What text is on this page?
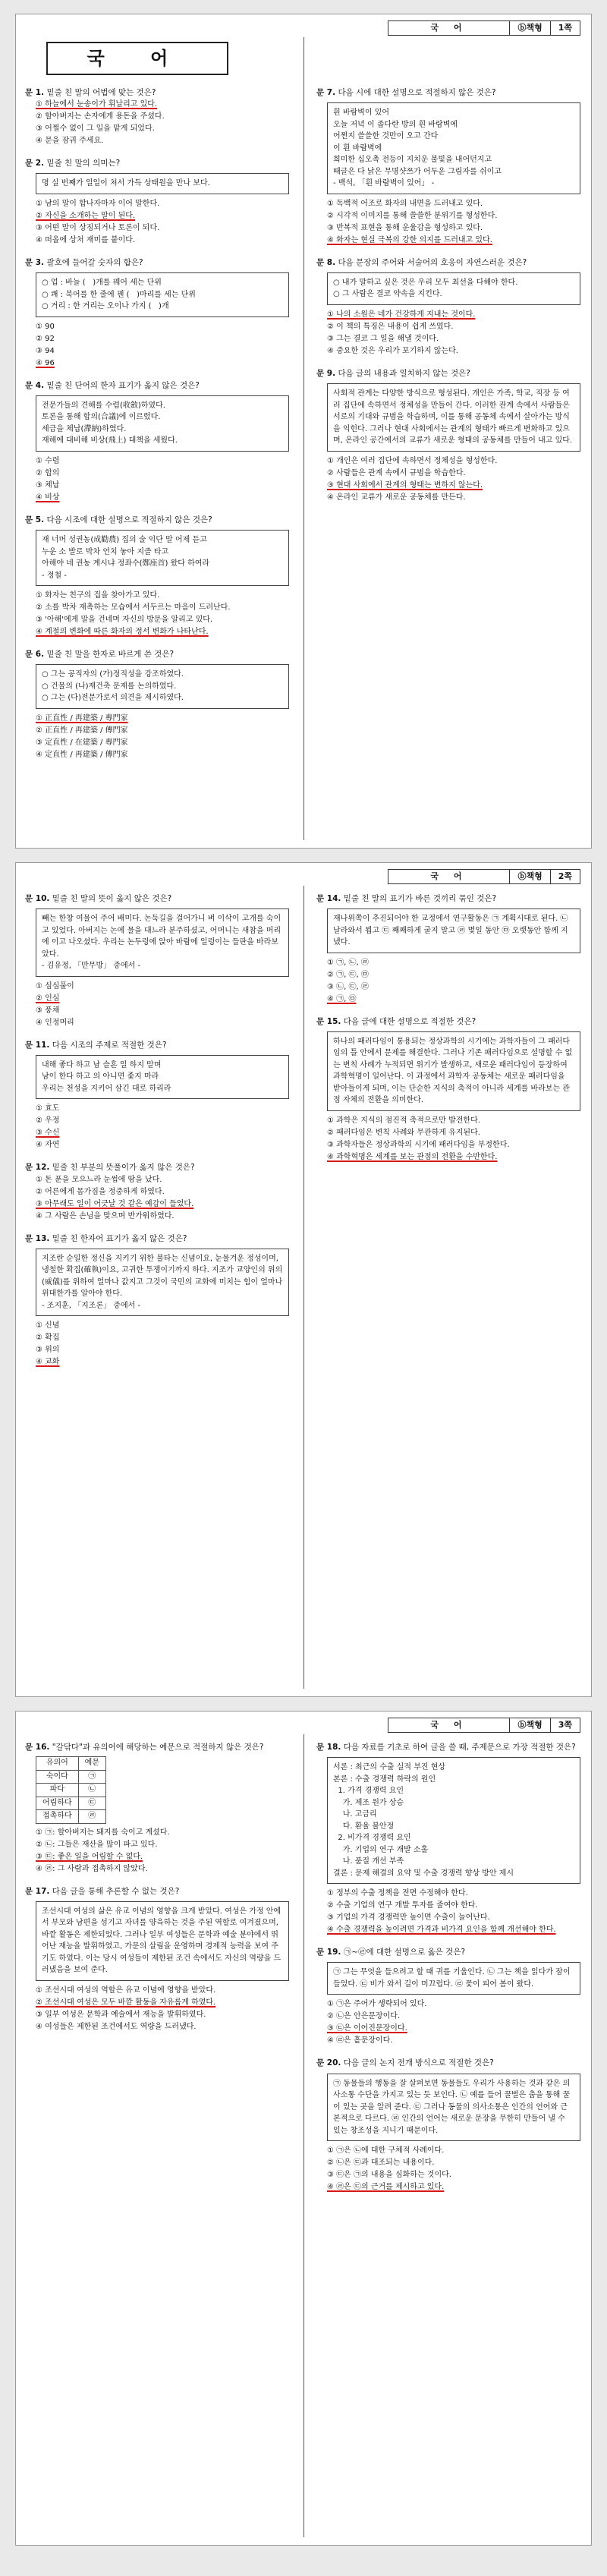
국 어	ⓑ책형	1쪽
국 어
문 1. 밑줄 친 말의 어법에 맞는 것은?
① 하늘에서 눈송이가 휘날리고 있다.
② 할아버지는 손자에게 용돈을 주셨다.
③ 어쩔수 없이 그 일을 맡게 되었다.
④ 문을 잠궈 주세요.
문 2. 밑줄 친 말의 의미는?
명 실 번째가 일일이 쳐서 가득 상태원을 만나 보다.
① 남의 말이 합나자마자 이어 말한다.
② 자신을 소개하는 말이 된다.
③ 어떤 말이 상징되거나 토론이 되다.
④ 떠올에 상처 재미를 붙이다.
문 3. 괄호에 들어갈 숫자의 합은?
○ 업 : 바늘 (   )개를 꿰어 세는 단위
○ 쾌 : 북어를 한 줄에 꿴 (   )마리를 세는 단위
○ 거리 : 한 거리는 오이나 가지 (   )개
① 90
② 92
③ 94
④ 96
문 4. 밑줄 친 단어의 한자 표기가 옳지 않은 것은?
전문가들의 견해를 수렴(收斂)하였다.
토론을 통해 합의(合議)에 이르렀다.
세금을 체납(滯納)하였다.
재해에 대비해 비상(飛上) 대책을 세웠다.
① 수렴
② 합의
③ 체납
④ 비상
문 5. 다음 시조에 대한 설명으로 적절하지 않은 것은?
재 너머 성권농(成勸農) 집의 술 익단 말 어제 듣고
누운 소 발로 박차 언치 놓아 지즐 타고
아해야 네 권농 계시냐 정좌수(鄭座首) 왔다 하여라
- 정철 -
① 화자는 친구의 집을 찾아가고 있다.
② 소를 박차 재촉하는 모습에서 서두르는 마음이 드러난다.
③ '아해'에게 말을 건네며 자신의 방문을 알리고 있다.
④ 계절의 변화에 따른 화자의 정서 변화가 나타난다.
문 6. 밑줄 친 말을 한자로 바르게 쓴 것은?
○ 그는 공직자의 (가)정직성을 강조하였다.
○ 건물의 (나)재건축 문제를 논의하였다.
○ 그는 (다)전문가로서 의견을 제시하였다.
① 正直性 / 再建築 / 專門家
② 正直性 / 再建築 / 傳門家
③ 定直性 / 在建築 / 專門家
④ 定直性 / 再建築 / 傳門家
문 7. 다음 시에 대한 설명으로 적절하지 않은 것은?
흰 바람벽이 있어
오늘 저녁 이 좁다란 방의 흰 바람벽에
어쩐지 쓸쓸한 것만이 오고 간다
이 흰 바람벽에
희미한 십오촉 전등이 지치운 불빛을 내어던지고
때글은 다 낡은 무명샷쯔가 어두운 그림자를 쉬이고
- 백석, 「흰 바람벽이 있어」 -
① 독백적 어조로 화자의 내면을 드러내고 있다.
② 시각적 이미지를 통해 쓸쓸한 분위기를 형성한다.
③ 반복적 표현을 통해 운율감을 형성하고 있다.
④ 화자는 현실 극복의 강한 의지를 드러내고 있다.
문 8. 다음 문장의 주어와 서술어의 호응이 자연스러운 것은?
○ 내가 말하고 싶은 것은 우리 모두 최선을 다해야 한다.
○ 그 사람은 결코 약속을 지킨다.
① 나의 소원은 네가 건강하게 지내는 것이다.
② 이 책의 특징은 내용이 쉽게 쓰였다.
③ 그는 결코 그 일을 해낼 것이다.
④ 중요한 것은 우리가 포기하지 않는다.
문 9. 다음 글의 내용과 일치하지 않는 것은?
사회적 관계는 다양한 방식으로 형성된다. 개인은 가족, 학교, 직장 등 여러 집단에 속하면서 정체성을 만들어 간다. 이러한 관계 속에서 사람들은 서로의 기대와 규범을 학습하며, 이를 통해 공동체 속에서 살아가는 방식을 익힌다. 그러나 현대 사회에서는 관계의 형태가 빠르게 변화하고 있으며, 온라인 공간에서의 교류가 새로운 형태의 공동체를 만들어 내고 있다.
① 개인은 여러 집단에 속하면서 정체성을 형성한다.
② 사람들은 관계 속에서 규범을 학습한다.
③ 현대 사회에서 관계의 형태는 변하지 않는다.
④ 온라인 교류가 새로운 공동체를 만든다.
국 어	ⓑ책형	2쪽
문 10. 밑줄 친 말의 뜻이 옳지 않은 것은?
빼는 한창 여물어 주어 배미다. 논둑길을 걸어가니 벼 이삭이 고개를 숙이고 있었다. 아버지는 논에 물을 대느라 분주하셨고, 어머니는 새참을 머리에 이고 나오셨다. 우리는 논두렁에 앉아 바람에 일렁이는 들판을 바라보았다.
- 김유정, 「만무방」 중에서 -
① 심심풀이
② 인심
③ 풍채
④ 인정머리
문 11. 다음 시조의 주제로 적절한 것은?
내해 좋다 하고 남 슬흔 일 하지 말며
남이 한다 하고 의 아니면 좇지 마라
우리는 천성을 지키어 삼긴 대로 하리라
① 효도
② 우정
③ 수신
④ 자연
문 12. 밑줄 친 부분의 뜻풀이가 옳지 않은 것은?
① 돈 푼을 모으느라 눈썹에 땀을 났다.
② 어른에게 몸가짐을 정중하게 하였다.
③ 아무래도 일이 어긋날 것 같은 예감이 들었다.
④ 그 사람은 손님을 맞으며 반가워하였다.
문 13. 밑줄 친 한자어 표기가 옳지 않은 것은?
지조란 순일한 정신을 지키기 위한 불타는 신념이요, 눈물겨운 정성이며, 냉철한 확집(確執)이요, 고귀한 투쟁이기까지 하다. 지조가 교양인의 위의(威儀)를 위하여 얼마나 값지고 그것이 국민의 교화에 미치는 힘이 얼마나 위대한가를 알아야 한다.
- 조지훈, 「지조론」 중에서 -
① 신념
② 확집
③ 위의
④ 교화
문 14. 밑줄 친 말의 표기가 바른 것끼리 묶인 것은?
재나위쪽이 추진되어야 한 교정에서 연구활동은 ㉠ 계획시대로 된다. ㉡ 날라와서 뵙고 ㉢ 째째하게 굴지 말고 ㉣ 몇일 동안 ㉤ 오랫동안 함께 지냈다.
① ㉠, ㉡, ㉣
② ㉠, ㉢, ㉤
③ ㉡, ㉢, ㉣
④ ㉠, ㉤
문 15. 다음 글에 대한 설명으로 적절한 것은?
하나의 패러다임이 통용되는 정상과학의 시기에는 과학자들이 그 패러다임의 틀 안에서 문제를 해결한다. 그러나 기존 패러다임으로 설명할 수 없는 변칙 사례가 누적되면 위기가 발생하고, 새로운 패러다임이 등장하여 과학혁명이 일어난다. 이 과정에서 과학자 공동체는 새로운 패러다임을 받아들이게 되며, 이는 단순한 지식의 축적이 아니라 세계를 바라보는 관점 자체의 전환을 의미한다.
① 과학은 지식의 점진적 축적으로만 발전한다.
② 패러다임은 변칙 사례와 무관하게 유지된다.
③ 과학자들은 정상과학의 시기에 패러다임을 부정한다.
④ 과학혁명은 세계를 보는 관점의 전환을 수반한다.
국 어	ⓑ책형	3쪽
문 16. "갈닦다"과 유의어에 해당하는 예문으로 적절하지 않은 것은?
유의어	예문
숙이다	㉠
파다	㉡
어림하다	㉢
접촉하다	㉣
① ㉠: 할아버지는 돼지를 숙이고 계셨다.
② ㉡: 그들은 재산을 많이 파고 있다.
③ ㉢: 좋은 일을 어림할 수 없다.
④ ㉣: 그 사람과 접촉하지 않았다.
문 17. 다음 글을 통해 추론할 수 없는 것은?
조선시대 여성의 삶은 유교 이념의 영향을 크게 받았다. 여성은 가정 안에서 부모와 남편을 섬기고 자녀를 양육하는 것을 주된 역할로 여겨졌으며, 바깥 활동은 제한되었다. 그러나 일부 여성들은 문학과 예술 분야에서 뛰어난 재능을 발휘하였고, 가문의 살림을 운영하며 경제적 능력을 보여 주기도 하였다. 이는 당시 여성들이 제한된 조건 속에서도 자신의 역량을 드러냈음을 보여 준다.
① 조선시대 여성의 역할은 유교 이념에 영향을 받았다.
② 조선시대 여성은 모두 바깥 활동을 자유롭게 하였다.
③ 일부 여성은 문학과 예술에서 재능을 발휘하였다.
④ 여성들은 제한된 조건에서도 역량을 드러냈다.
문 18. 다음 자료를 기초로 하여 글을 쓸 때, 주제문으로 가장 적절한 것은?
서론 : 최근의 수출 실적 부진 현상
본론 : 수출 경쟁력 하락의 원인
1. 가격 경쟁력 요인
가. 제조 원가 상승
나. 고금리
다. 환율 불안정
2. 비가격 경쟁력 요인
가. 기업의 연구 개발 소홀
나. 품질 개선 부족
결론 : 문제 해결의 요약 및 수출 경쟁력 향상 방안 제시
① 정부의 수출 정책을 전면 수정해야 한다.
② 수출 기업의 연구 개발 투자를 줄여야 한다.
③ 기업의 가격 경쟁력만 높이면 수출이 늘어난다.
④ 수출 경쟁력을 높이려면 가격과 비가격 요인을 함께 개선해야 한다.
문 19. ㉠~㉣에 대한 설명으로 옳은 것은?
㉠ 그는 무엇을 들으려고 할 때 귀를 기울인다. ㉡ 그는 책을 읽다가 잠이 들었다. ㉢ 비가 와서 길이 미끄럽다. ㉣ 꽃이 피어 봄이 왔다.
① ㉠은 주어가 생략되어 있다.
② ㉡은 안은문장이다.
③ ㉢은 이어진문장이다.
④ ㉣은 홑문장이다.
문 20. 다음 글의 논지 전개 방식으로 적절한 것은?
㉠ 동물들의 행동을 잘 살펴보면 동물들도 우리가 사용하는 것과 같은 의사소통 수단을 가지고 있는 듯 보인다. ㉡ 예를 들어 꿀벌은 춤을 통해 꿀이 있는 곳을 알려 준다. ㉢ 그러나 동물의 의사소통은 인간의 언어와 근본적으로 다르다. ㉣ 인간의 언어는 새로운 문장을 무한히 만들어 낼 수 있는 창조성을 지니기 때문이다.
① ㉠은 ㉡에 대한 구체적 사례이다.
② ㉡은 ㉢과 대조되는 내용이다.
③ ㉢은 ㉠의 내용을 심화하는 것이다.
④ ㉣은 ㉢의 근거를 제시하고 있다.
